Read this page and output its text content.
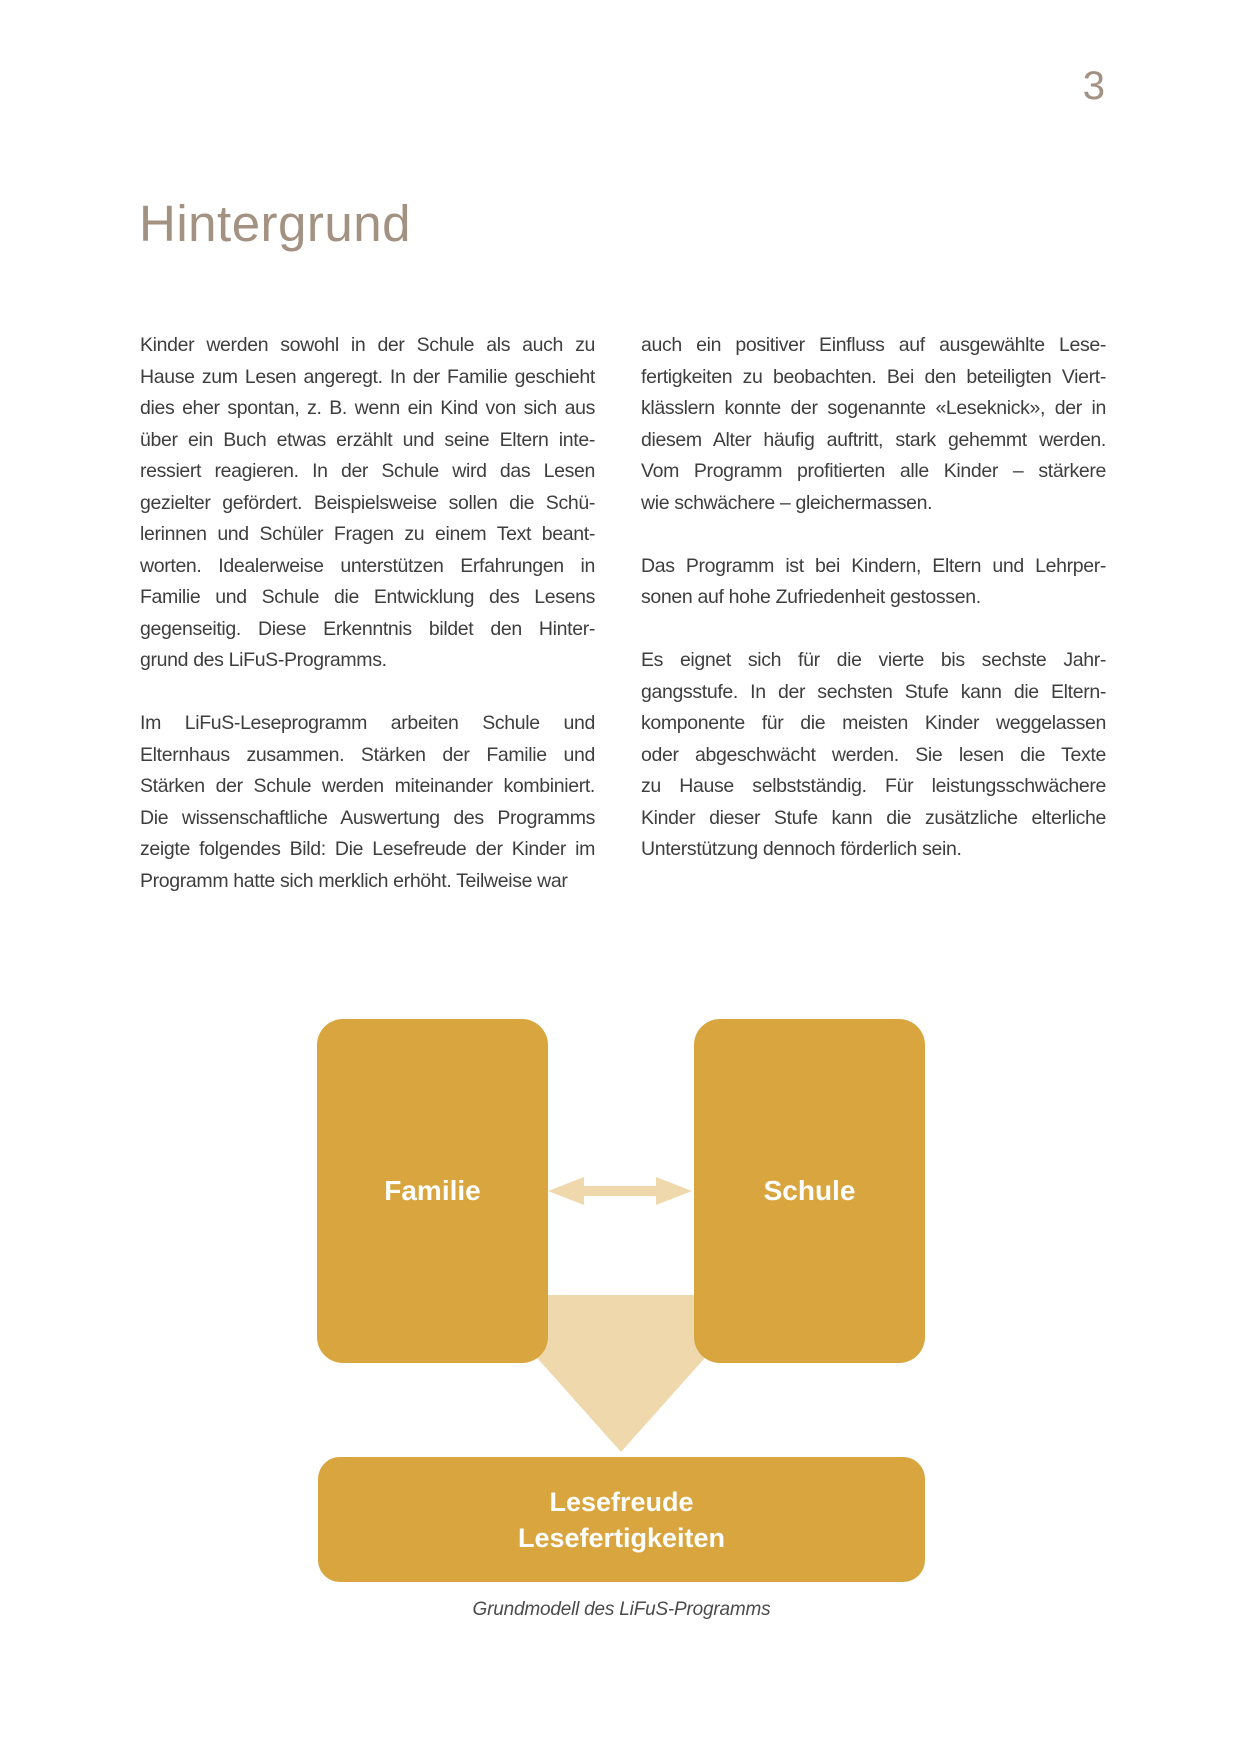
3
Hintergrund
Kinder werden sowohl in der Schule als auch zu
Hause zum Lesen angeregt. In der Familie geschieht
dies eher spontan, z. B. wenn ein Kind von sich aus
über ein Buch etwas erzählt und seine Eltern inte-
ressiert reagieren. In der Schule wird das Lesen
gezielter gefördert. Beispielsweise sollen die Schü-
lerinnen und Schüler Fragen zu einem Text beant-
worten. Idealerweise unterstützen Erfahrungen in
Familie und Schule die Entwicklung des Lesens
gegenseitig. Diese Erkenntnis bildet den Hinter-
grund des LiFuS-Programms.
Im LiFuS-Leseprogramm arbeiten Schule und
Elternhaus zusammen. Stärken der Familie und
Stärken der Schule werden miteinander kombiniert.
Die wissenschaftliche Auswertung des Programms
zeigte folgendes Bild: Die Lesefreude der Kinder im
Programm hatte sich merklich erhöht. Teilweise war
auch ein positiver Einfluss auf ausgewählte Lese-
fertigkeiten zu beobachten. Bei den beteiligten Viert-
klässlern konnte der sogenannte «Leseknick», der in
diesem Alter häufig auftritt, stark gehemmt werden.
Vom Programm profitierten alle Kinder – stärkere
wie schwächere – gleichermassen.
Das Programm ist bei Kindern, Eltern und Lehrper-
sonen auf hohe Zufriedenheit gestossen.
Es eignet sich für die vierte bis sechste Jahr-
gangsstufe. In der sechsten Stufe kann die Eltern-
komponente für die meisten Kinder weggelassen
oder abgeschwächt werden. Sie lesen die Texte
zu Hause selbstständig. Für leistungsschwächere
Kinder dieser Stufe kann die zusätzliche elterliche
Unterstützung dennoch förderlich sein.
Familie	Schule
Lesefreude
Lesefertigkeiten
Grundmodell des LiFuS-Programms
